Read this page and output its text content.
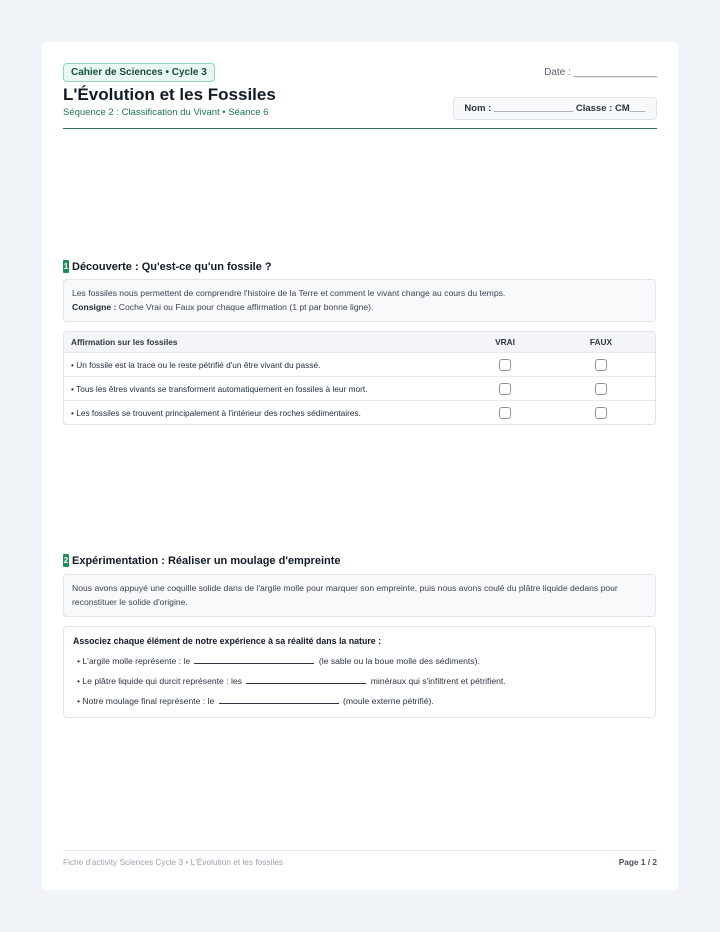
Cahier de Sciences • Cycle 3	Date : _______________
L'Évolution et les Fossiles
Séquence 2 : Classification du Vivant • Séance 6	Nom : _______________ Classe : CM___
1 Découverte : Qu'est-ce qu'un fossile ?
Les fossiles nous permettent de comprendre l'histoire de la Terre et comment le vivant change au cours du temps.
Consigne : Coche Vrai ou Faux pour chaque affirmation (1 pt par bonne ligne).
Affirmation sur les fossiles	VRAI	FAUX
• Un fossile est la trace ou le reste pétrifié d'un être vivant du passé.
• Tous les êtres vivants se transforment automatiquement en fossiles à leur mort.
• Les fossiles se trouvent principalement à l'intérieur des roches sédimentaires.
2 Expérimentation : Réaliser un moulage d'empreinte
Nous avons appuyé une coquille solide dans de l'argile molle pour marquer son empreinte, puis nous avons coulé du plâtre liquide dedans pour reconstituer le solide d'origine.
Associez chaque élément de notre expérience à sa réalité dans la nature :
• L'argile molle représente : le	(le sable ou la boue molle des sédiments).
• Le plâtre liquide qui durcit représente : les	minéraux qui s'infiltrent et pétrifient.
• Notre moulage final représente : le	(moule externe pétrifié).
Fiche d'activity Sciences Cycle 3 • L'Évolution et les fossiles	Page 1 / 2
